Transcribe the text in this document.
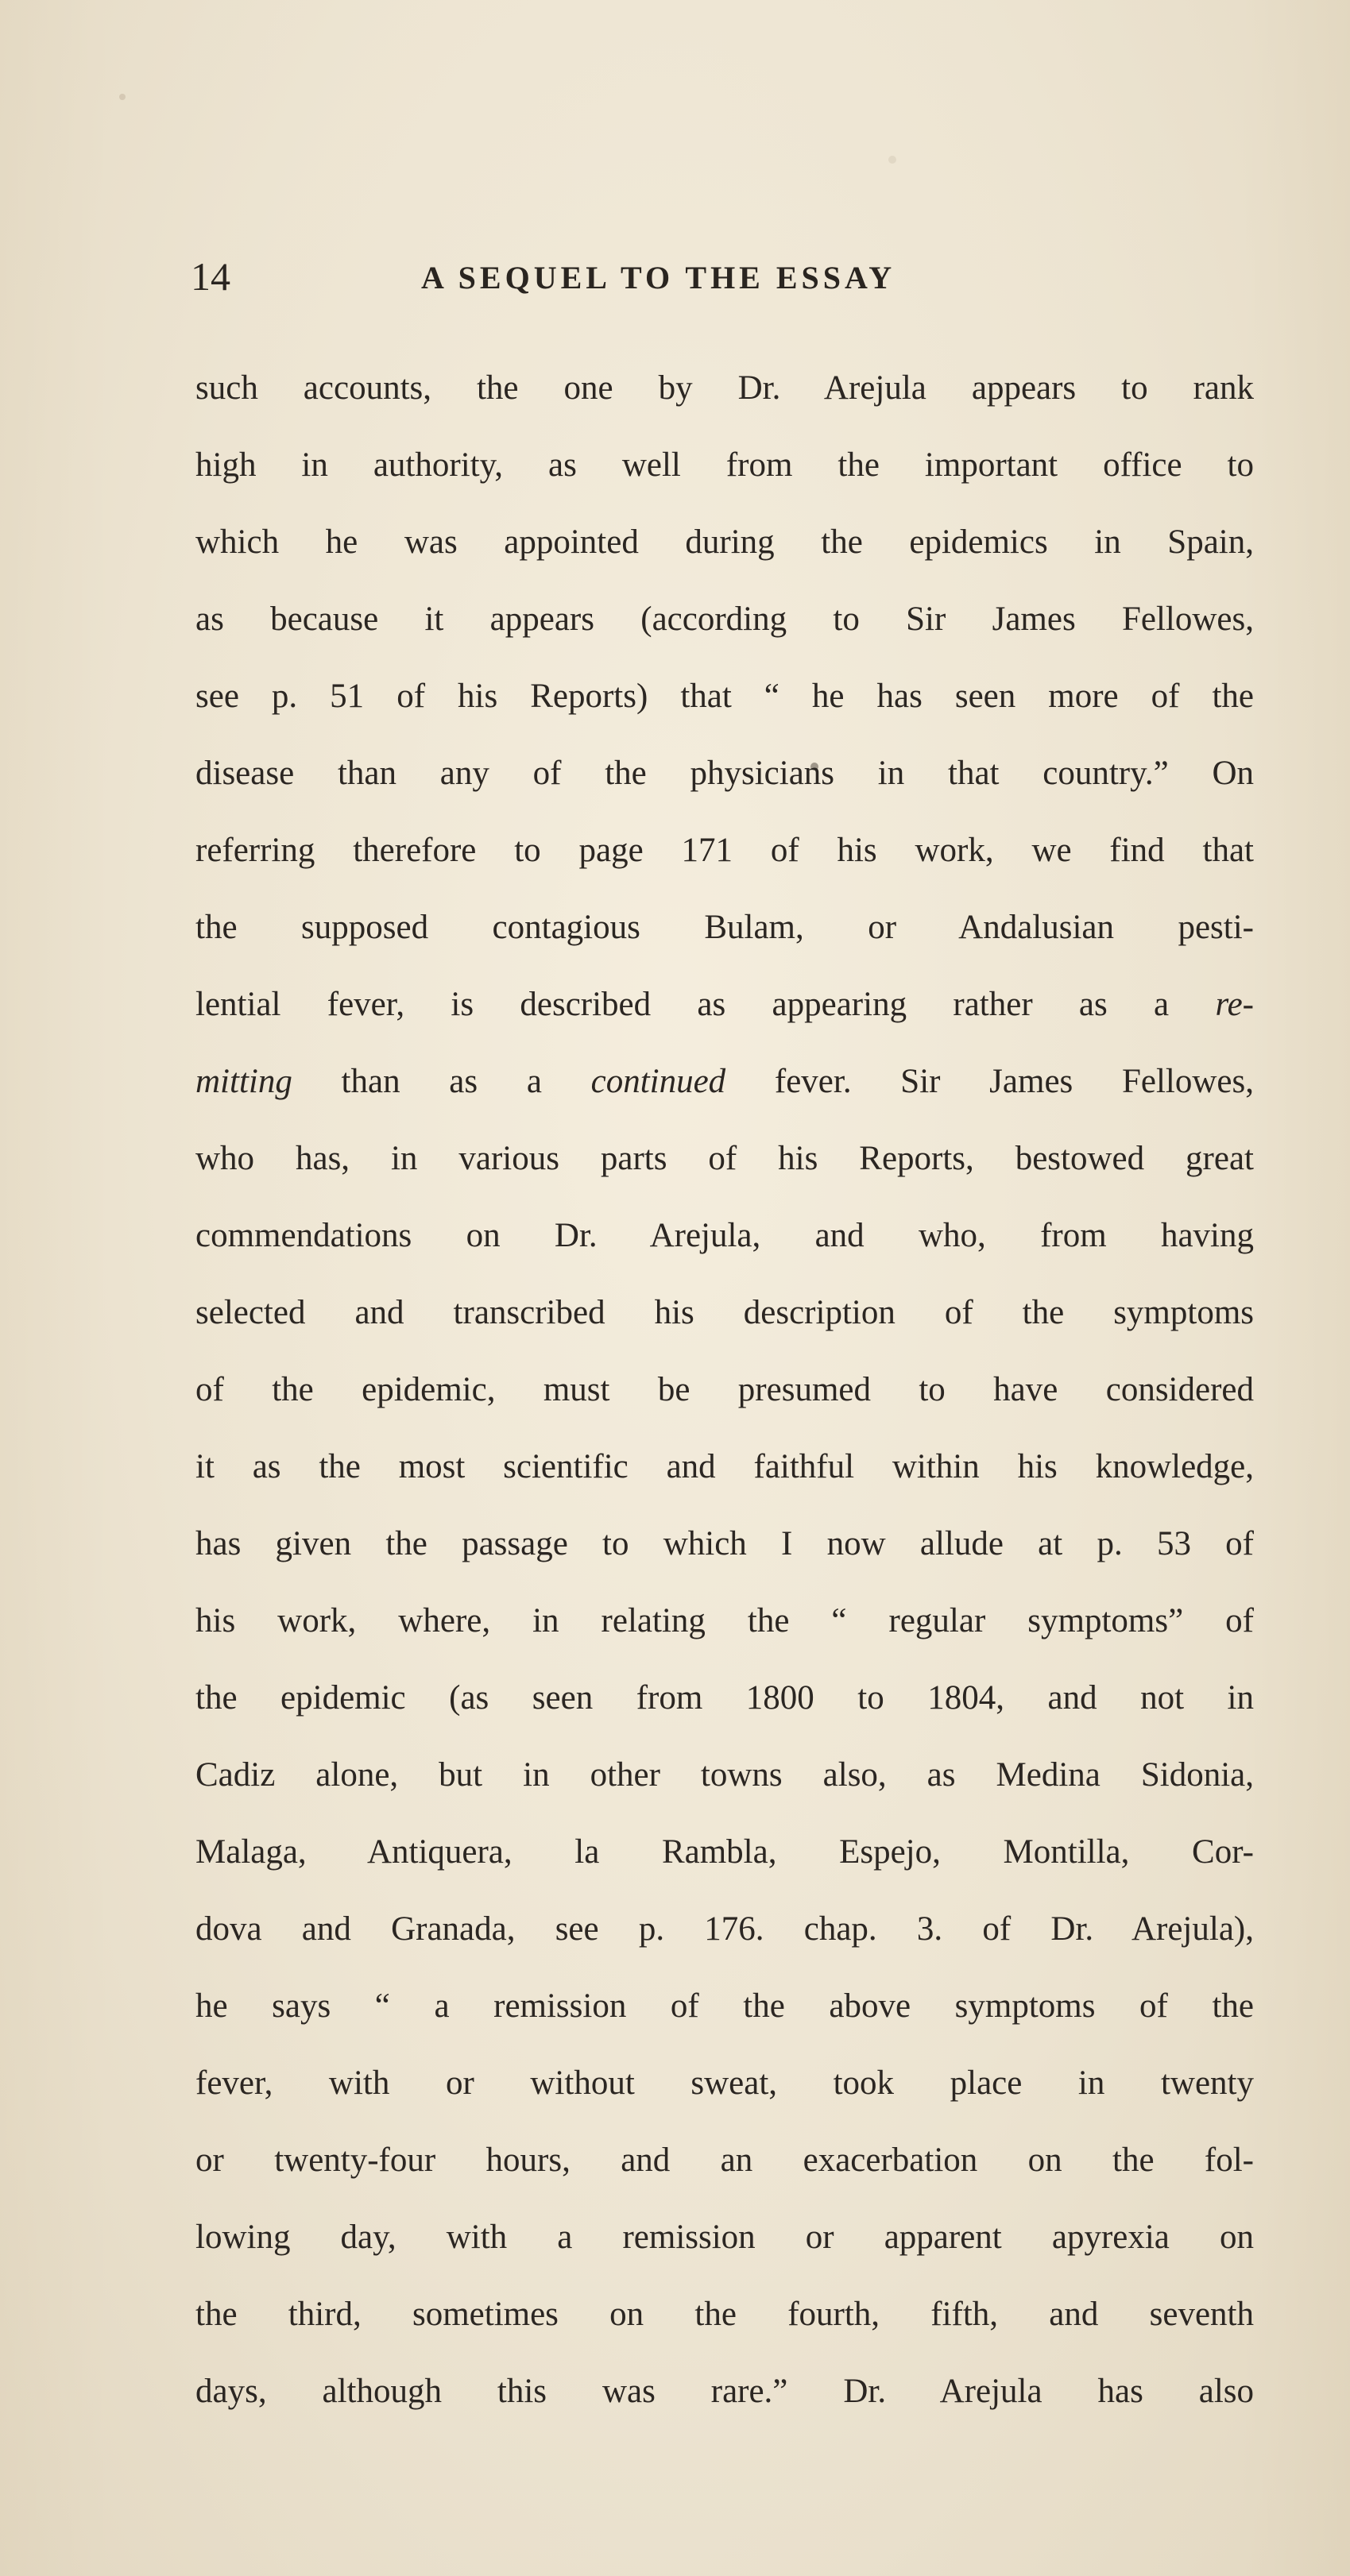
14	A SEQUEL TO THE ESSAY
such accounts, the one by Dr. Arejula appears to rank
high in authority, as well from the important office to
which he was appointed during the epidemics in Spain,
as because it appears (according to Sir James Fellowes,
see p. 51 of his Reports) that “ he has seen more of the
disease than any of the physicians in that country.” On
referring therefore to page 171 of his work, we find that
the supposed contagious Bulam, or Andalusian pesti-
lential fever, is described as appearing rather as a re-
mitting than as a continued fever. Sir James Fellowes,
who has, in various parts of his Reports, bestowed great
commendations on Dr. Arejula, and who, from having
selected and transcribed his description of the symptoms
of the epidemic, must be presumed to have considered
it as the most scientific and faithful within his knowledge,
has given the passage to which I now allude at p. 53 of
his work, where, in relating the “ regular symptoms” of
the epidemic (as seen from 1800 to 1804, and not in
Cadiz alone, but in other towns also, as Medina Sidonia,
Malaga, Antiquera, la Rambla, Espejo, Montilla, Cor-
dova and Granada, see p. 176. chap. 3. of Dr. Arejula),
he says “ a remission of the above symptoms of the
fever, with or without sweat, took place in twenty
or twenty-four hours, and an exacerbation on the fol-
lowing day, with a remission or apparent apyrexia on
the third, sometimes on the fourth, fifth, and seventh
days, although this was rare.” Dr. Arejula has also
